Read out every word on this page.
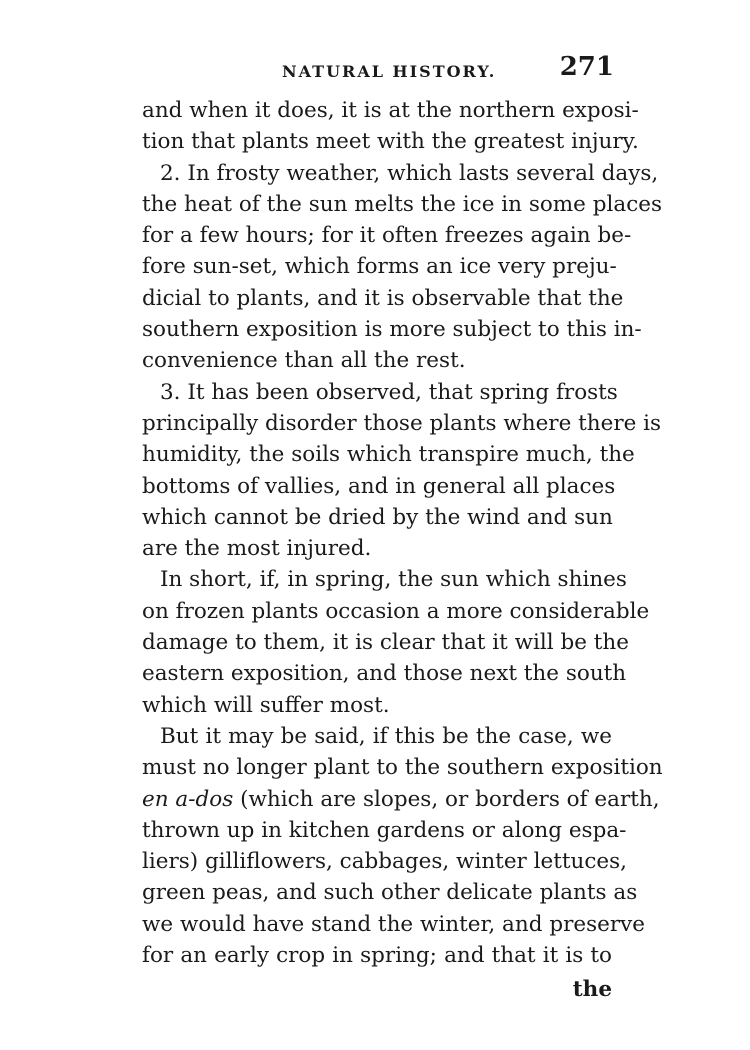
NATURAL HISTORY. 271
and when it does, it is at the northern exposi-
tion that plants meet with the greatest injury.
2. In frosty weather, which lasts several days,
the heat of the sun melts the ice in some places
for a few hours; for it often freezes again be-
fore sun-set, which forms an ice very preju-
dicial to plants, and it is observable that the
southern exposition is more subject to this in-
convenience than all the rest.
3. It has been observed, that spring frosts
principally disorder those plants where there is
humidity, the soils which transpire much, the
bottoms of vallies, and in general all places
which cannot be dried by the wind and sun
are the most injured.
In short, if, in spring, the sun which shines
on frozen plants occasion a more considerable
damage to them, it is clear that it will be the
eastern exposition, and those next the south
which will suffer most.
But it may be said, if this be the case, we
must no longer plant to the southern exposition
en a-dos (which are slopes, or borders of earth,
thrown up in kitchen gardens or along espa-
liers) gilliflowers, cabbages, winter lettuces,
green peas, and such other delicate plants as
we would have stand the winter, and preserve
for an early crop in spring; and that it is to
the
